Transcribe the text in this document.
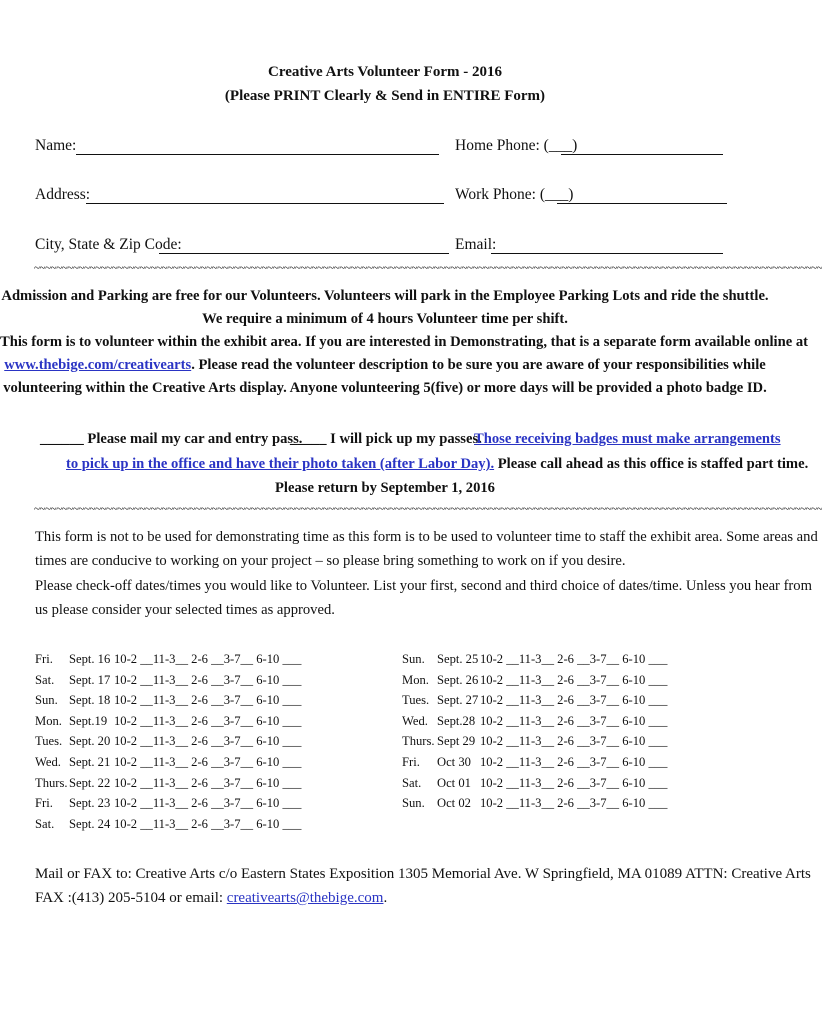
Creative Arts Volunteer Form - 2016
(Please PRINT Clearly & Send in ENTIRE Form)
Name:	Home Phone: (___)
Address:	Work Phone: (___)
City, State & Zip Code:	Email:
~~~~~~~~~~~~~~~~~~~~~~~~~~~~~~~~~~~~~~~~~~~~~~~~~~~~~~~~~~~~~~~~~~~~~~~~~~~~~~~~~~~~~~~~~~~~~~~~~~~~~~~~~~~~~~~~~~~~~~~~~~~~~~~~~~~~~~~~~~~~~~
Admission and Parking are free for our Volunteers. Volunteers will park in the Employee Parking Lots and ride the shuttle.
We require a minimum of 4 hours Volunteer time per shift.
This form is to volunteer within the exhibit area. If you are interested in Demonstrating, that is a separate form available online at
www.thebige.com/creativearts. Please read the volunteer description to be sure you are aware of your responsibilities while
volunteering within the Creative Arts display. Anyone volunteering 5(five) or more days will be provided a photo badge ID.
______ Please mail my car and entry pass.
_____ I will pick up my passes.
Those receiving badges must make arrangements
to pick up in the office and have their photo taken (after Labor Day). Please call ahead as this office is staffed part time.
Please return by September 1, 2016
~~~~~~~~~~~~~~~~~~~~~~~~~~~~~~~~~~~~~~~~~~~~~~~~~~~~~~~~~~~~~~~~~~~~~~~~~~~~~~~~~~~~~~~~~~~~~~~~~~~~~~~~~~~~~~~~~~~~~~~~~~~~~~~~~~~~~~~~~~~~~~
This form is not to be used for demonstrating time as this form is to be used to volunteer time to staff the exhibit area. Some areas and
times are conducive to working on your project – so please bring something to work on if you desire.
Please check-off dates/times you would like to Volunteer. List your first, second and third choice of dates/time. Unless you hear from
us please consider your selected times as approved.
Fri. Sept. 16 10-2 __11-3__ 2-6 __3-7__ 6-10 ___
Sat. Sept. 17 10-2 __11-3__ 2-6 __3-7__ 6-10 ___
Sun. Sept. 18 10-2 __11-3__ 2-6 __3-7__ 6-10 ___
Mon. Sept.19 10-2 __11-3__ 2-6 __3-7__ 6-10 ___
Tues. Sept. 20 10-2 __11-3__ 2-6 __3-7__ 6-10 ___
Wed. Sept. 21 10-2 __11-3__ 2-6 __3-7__ 6-10 ___
Thurs. Sept. 22 10-2 __11-3__ 2-6 __3-7__ 6-10 ___
Fri. Sept. 23 10-2 __11-3__ 2-6 __3-7__ 6-10 ___
Sat. Sept. 24 10-2 __11-3__ 2-6 __3-7__ 6-10 ___
Sun. Sept. 25 10-2 __11-3__ 2-6 __3-7__ 6-10 ___
Mon. Sept. 26 10-2 __11-3__ 2-6 __3-7__ 6-10 ___
Tues. Sept. 27 10-2 __11-3__ 2-6 __3-7__ 6-10 ___
Wed. Sept.28 10-2 __11-3__ 2-6 __3-7__ 6-10 ___
Thurs. Sept 29 10-2 __11-3__ 2-6 __3-7__ 6-10 ___
Fri. Oct 30 10-2 __11-3__ 2-6 __3-7__ 6-10 ___
Sat. Oct 01 10-2 __11-3__ 2-6 __3-7__ 6-10 ___
Sun. Oct 02 10-2 __11-3__ 2-6 __3-7__ 6-10 ___
Mail or FAX to: Creative Arts c/o Eastern States Exposition 1305 Memorial Ave. W Springfield, MA 01089 ATTN: Creative Arts
FAX :(413) 205-5104 or email: creativearts@thebige.com.
